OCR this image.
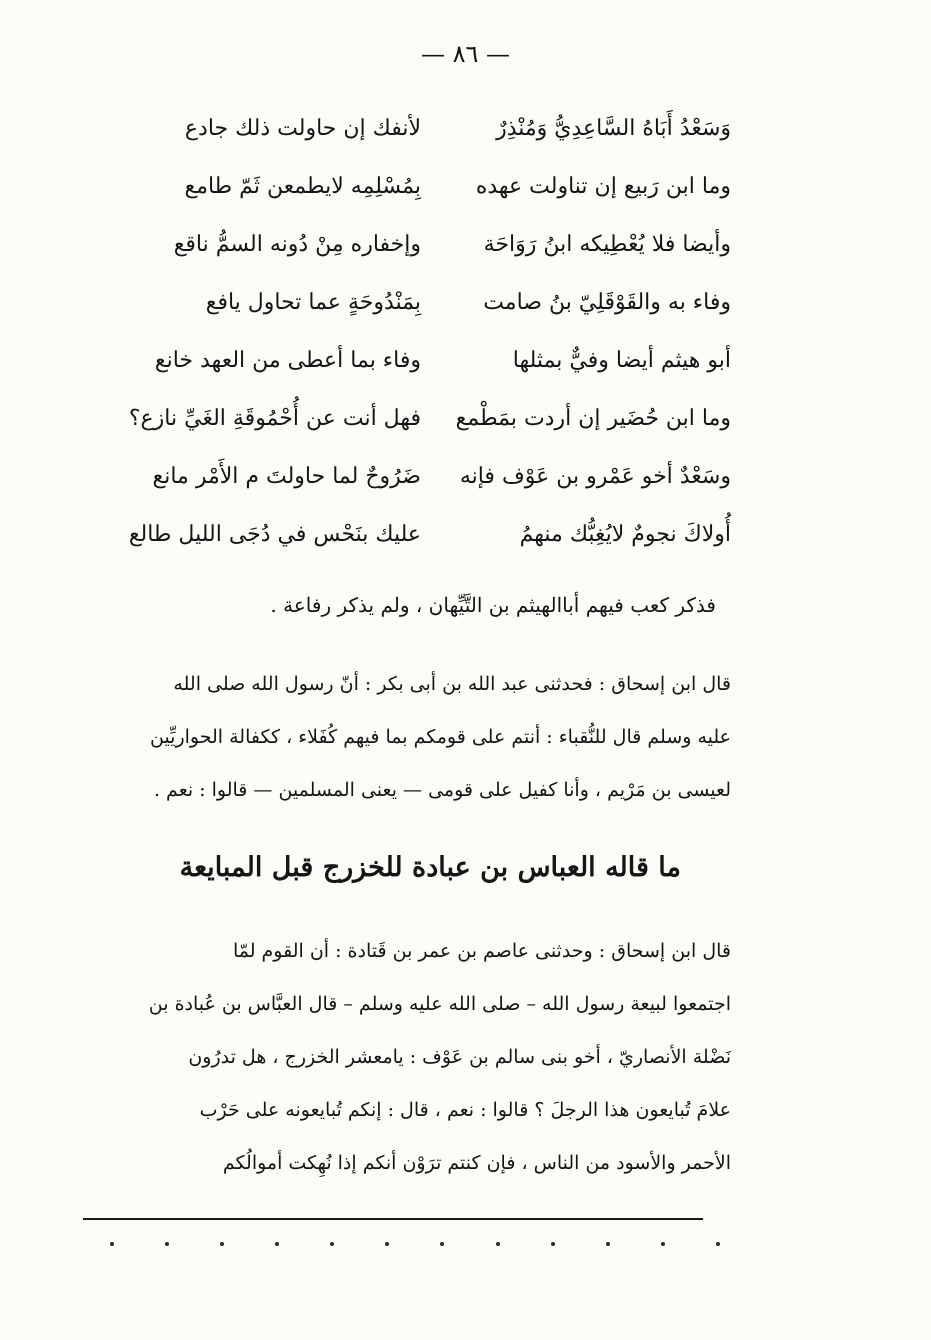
— ٨٦ —
وَسَعْدُ أَبَاهُ السَّاعِدِيُّ وَمُنْذِرٌ
لأنفك إن حاولت ذلك جادع
وما ابن رَبيع إن تناولت عهده
بِمُسْلِمِه لايطمعن ثَمّ طامع
وأيضا فلا يُعْطِيكه ابنُ رَوَاحَة
وإخفاره مِنْ دُونه السمُّ ناقع
وفاء به والقَوْقَلِيّ بنُ صامت
بِمَنْدُوحَةٍ عما تحاول يافع
أبو هيثم أيضا وفيٌّ بمثلها
وفاء بما أعطى من العهد خانع
وما ابن حُضَير إن أردت بمَطْمع
فهل أنت عن أُحْمُوقَةِ الغَيِّ نازع؟
وسَعْدٌ أخو عَمْرو بن عَوْف فإنه
ضَرُوحٌ لما حاولتَ م الأَمْر مانع
أُولاكَ نجومٌ لايُغِبُّك منهمُ
عليك بنَحْس في دُجَى الليل طالع
فذكر كعب فيهم أباالهيثم بن التَّيِّهان ، ولم يذكر رفاعة .
قال ابن إسحاق : فحدثنى عبد الله بن أبى بكر : أنّ رسول الله صلى الله
عليه وسلم قال للنُّقباء : أنتم على قومكم بما فيهم كُفَلاء ، ككفالة الحواريِّين
لعيسى بن مَرْيم ، وأنا كفيل على قومى — يعنى المسلمين — قالوا : نعم .
ما قاله العباس بن عبادة للخزرج قبل المبايعة
قال ابن إسحاق : وحدثنى عاصم بن عمر بن قَتادة : أن القوم لمّا
اجتمعوا لبيعة رسول الله – صلى الله عليه وسلم – قال العبَّاس بن عُبادة بن
نَضْلة الأنصاريّ ، أخو بنى سالم بن عَوْف : يامعشر الخزرج ، هل تدرُون
علامَ تُبايعون هذا الرجلَ ؟ قالوا : نعم ، قال : إنكم تُبايعونه على حَرْب
الأحمر والأسود من الناس ، فإن كنتم ترَوْن أنكم إذا نُهِكت أموالُكم
